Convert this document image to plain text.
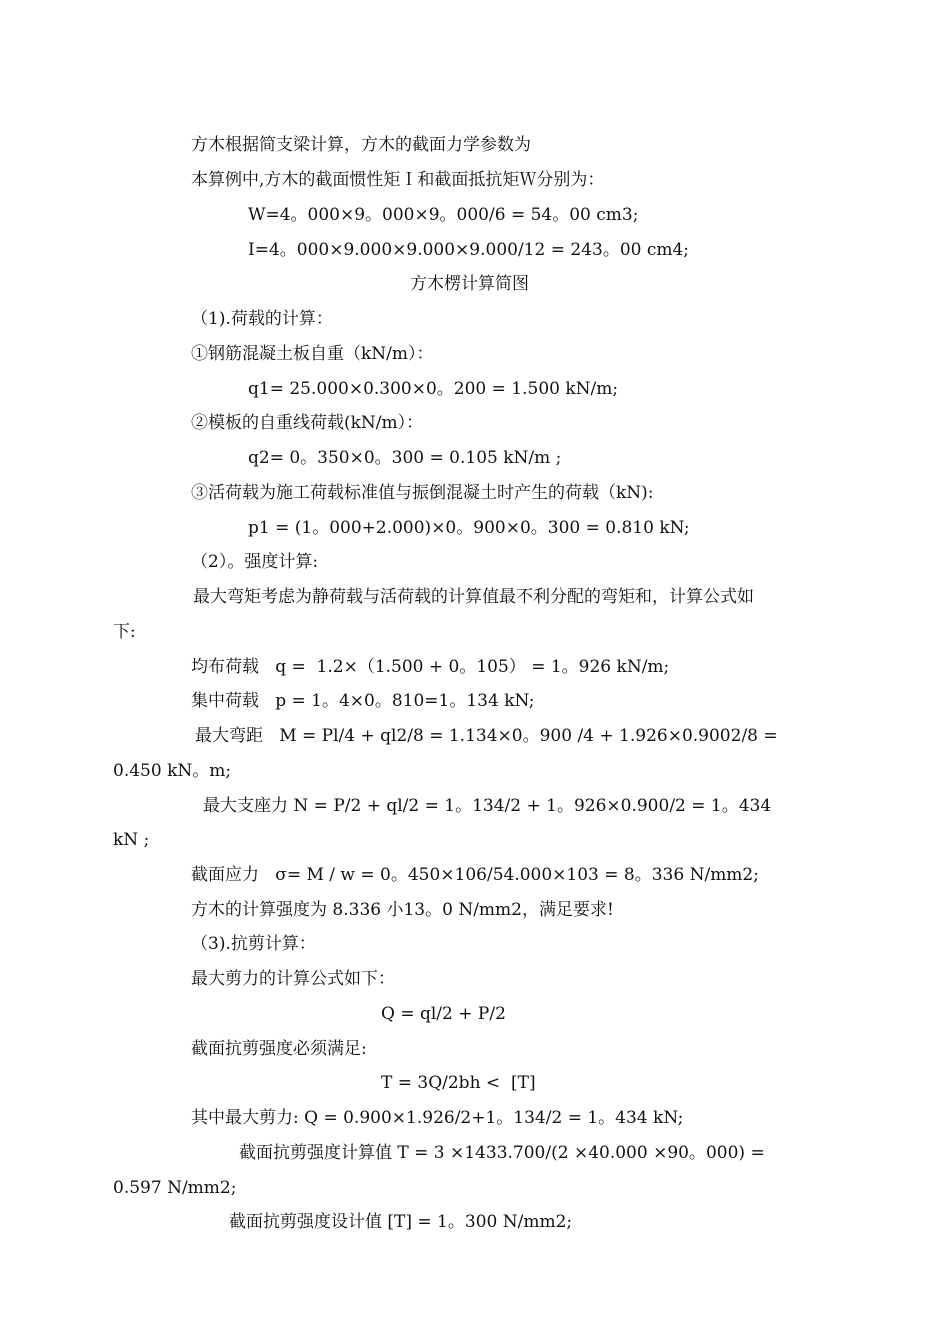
方木根据简支梁计算，方木的截面力学参数为
本算例中,方木的截面惯性矩Ｉ和截面抵抗矩Ｗ分别为：
W=4。000×9。000×9。000/6 = 54。00 cm3;
I=4。000×9.000×9.000×9.000/12 = 243。00 cm4;
方木楞计算简图
（1).荷载的计算：
①钢筋混凝土板自重（kN/m）：
q1= 25.000×0.300×0。200 = 1.500 kN/m;
②模板的自重线荷载(kN/m）：
q2= 0。350×0。300 = 0.105 kN/m ;
③活荷载为施工荷载标准值与振倒混凝土时产生的荷载（kN):
p1 = (1。000+2.000)×0。900×0。300 = 0.810 kN;
（2）。强度计算:
最大弯矩考虑为静荷载与活荷载的计算值最不利分配的弯矩和，计算公式如
下:
均布荷载   q =  1.2×（1.500 + 0。105） = 1。926 kN/m;
集中荷载   p = 1。4×0。810=1。134 kN;
最大弯距   M = Pl/4 + ql2/8 = 1.134×0。900 /4 + 1.926×0.9002/8 =
0.450 kN。m;
最大支座力 N = P/2 + ql/2 = 1。134/2 + 1。926×0.900/2 = 1。434
kN ;
截面应力   σ= M / w = 0。450×106/54.000×103 = 8。336 N/mm2;
方木的计算强度为 8.336 小13。0 N/mm2，满足要求!
（3).抗剪计算：
最大剪力的计算公式如下：
Q = ql/2 + P/2
截面抗剪强度必须满足:
T = 3Q/2bh <  [T]
其中最大剪力: Q = 0.900×1.926/2+1。134/2 = 1。434 kN;
截面抗剪强度计算值 T = 3 ×1433.700/(2 ×40.000 ×90。000) =
0.597 N/mm2;
截面抗剪强度设计值 [T] = 1。300 N/mm2;
